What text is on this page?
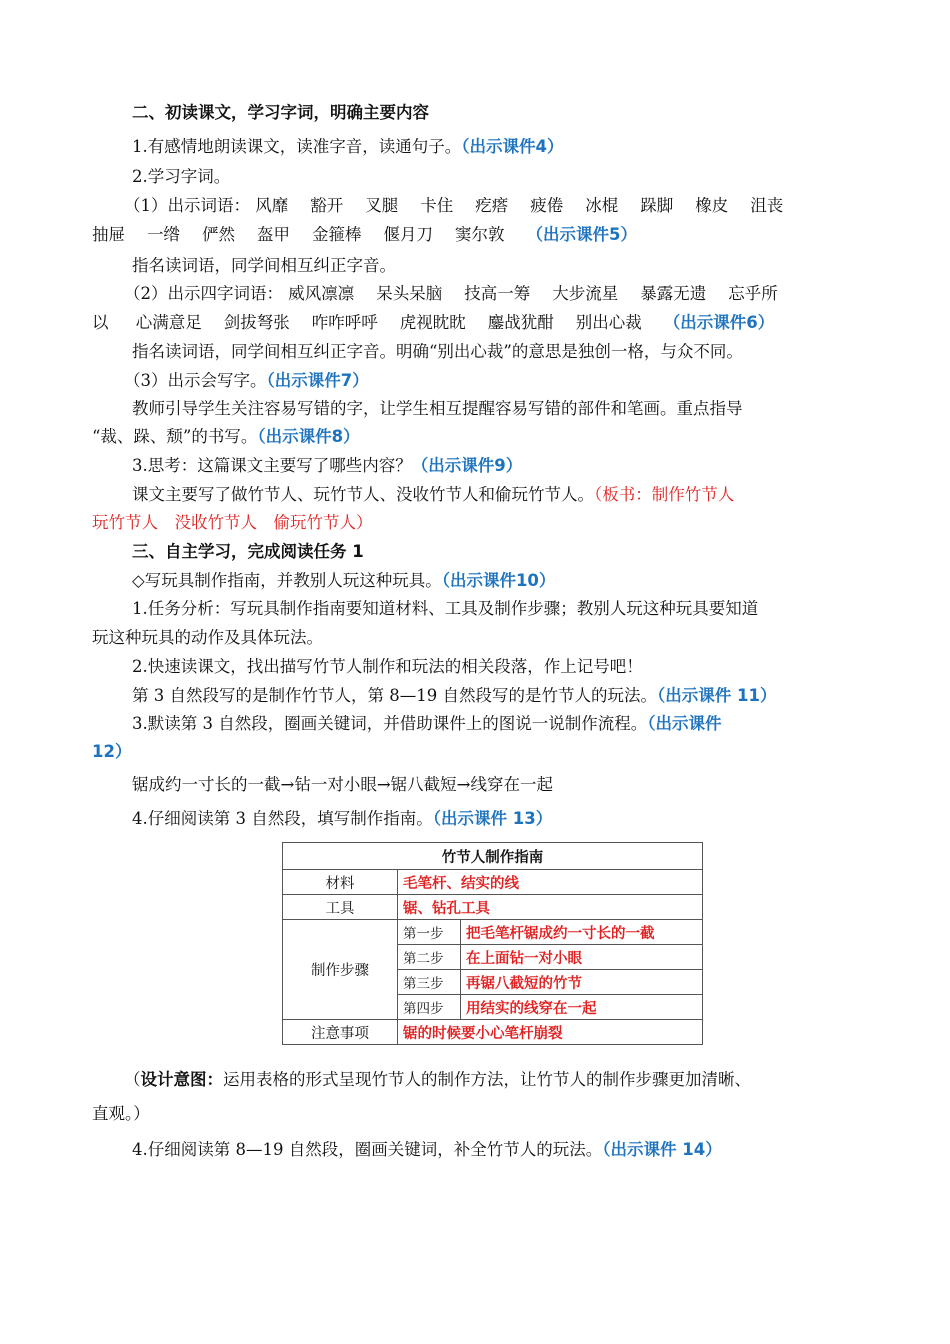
二、初读课文，学习字词，明确主要内容
1.有感情地朗读课文，读准字音，读通句子。（出示课件4）
2.学习字词。
（1）出示词语： 风靡 豁开 叉腿 卡住 疙瘩 疲倦 冰棍 跺脚 橡皮 沮丧
抽屉 一绺 俨然 盔甲 金箍棒 偃月刀 窦尔敦 （出示课件5）
指名读词语，同学间相互纠正字音。
（2）出示四字词语： 威风凛凛 呆头呆脑 技高一筹 大步流星 暴露无遗 忘乎所
以 心满意足 剑拔弩张 咋咋呼呼 虎视眈眈 鏖战犹酣 别出心裁 （出示课件6）
指名读词语，同学间相互纠正字音。明确“别出心裁”的意思是独创一格，与众不同。
（3）出示会写字。（出示课件7）
教师引导学生关注容易写错的字，让学生相互提醒容易写错的部件和笔画。重点指导
“裁、跺、颓”的书写。（出示课件8）
3.思考：这篇课文主要写了哪些内容？（出示课件9）
课文主要写了做竹节人、玩竹节人、没收竹节人和偷玩竹节人。（板书：制作竹节人
玩竹节人　没收竹节人　偷玩竹节人）
三、自主学习，完成阅读任务 1
◇写玩具制作指南，并教别人玩这种玩具。（出示课件10）
1.任务分析：写玩具制作指南要知道材料、工具及制作步骤；教别人玩这种玩具要知道
玩这种玩具的动作及具体玩法。
2.快速读课文，找出描写竹节人制作和玩法的相关段落，作上记号吧！
第 3 自然段写的是制作竹节人，第 8—19 自然段写的是竹节人的玩法。（出示课件 11）
3.默读第 3 自然段，圈画关键词，并借助课件上的图说一说制作流程。（出示课件
12）
锯成约一寸长的一截→钻一对小眼→锯八截短→线穿在一起
4.仔细阅读第 3 自然段，填写制作指南。（出示课件 13）
竹节人制作指南		
材料	毛笔杆、结实的线	
工具	锯、钻孔工具	
制作步骤	第一步	把毛笔杆锯成约一寸长的一截
	第二步	在上面钻一对小眼
	第三步	再锯八截短的竹节
	第四步	用结实的线穿在一起
注意事项	锯的时候要小心笔杆崩裂	
（设计意图：运用表格的形式呈现竹节人的制作方法，让竹节人的制作步骤更加清晰、
直观。）
4.仔细阅读第 8—19 自然段，圈画关键词，补全竹节人的玩法。（出示课件 14）
